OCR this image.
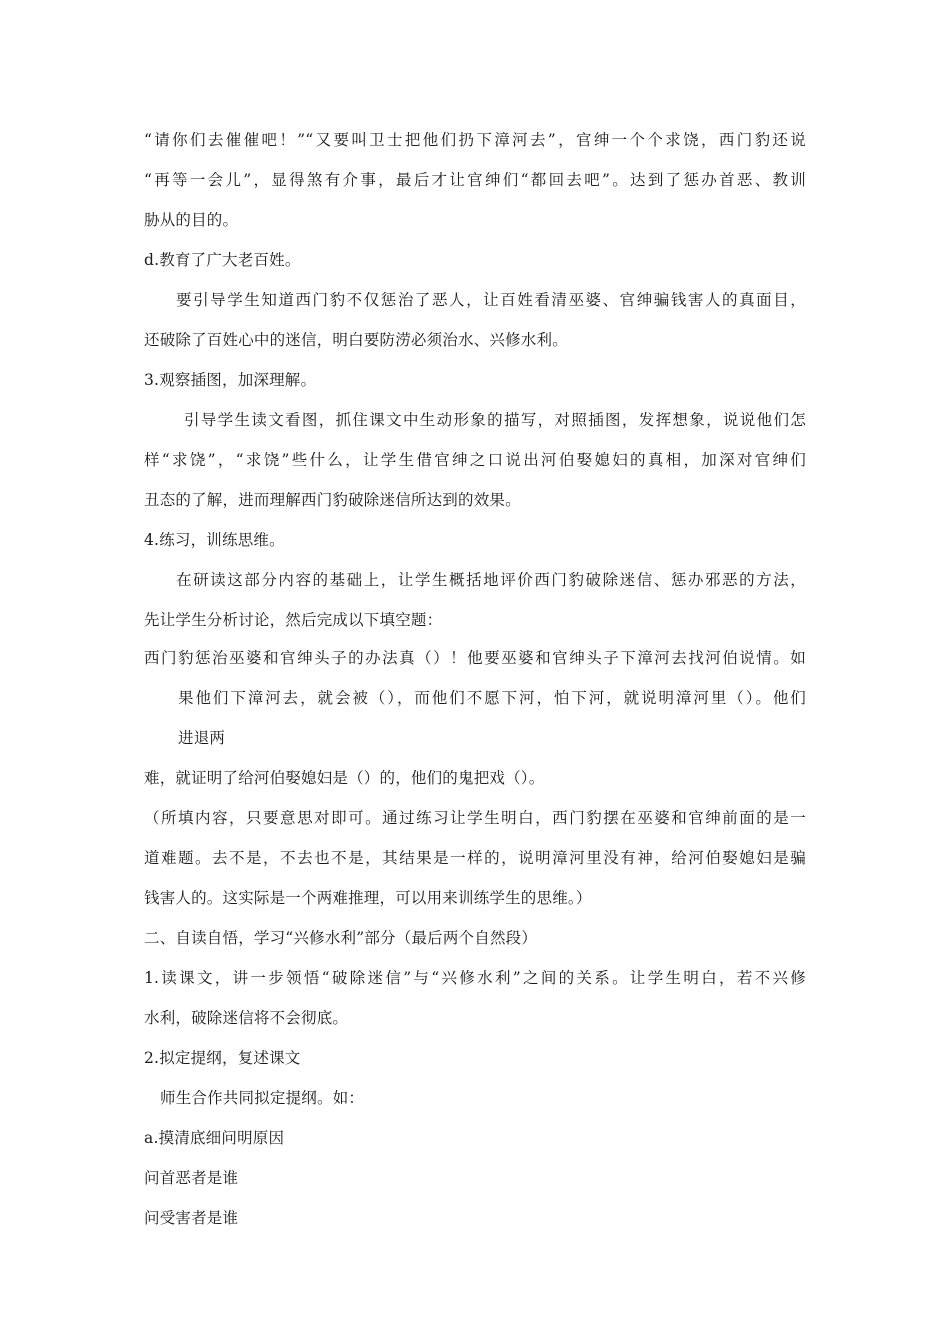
“请你们去催催吧！”“又要叫卫士把他们扔下漳河去”，官绅一个个求饶，西门豹还说
“再等一会儿”，显得煞有介事，最后才让官绅们“都回去吧”。达到了惩办首恶、教训
胁从的目的。
d.教育了广大老百姓。
要引导学生知道西门豹不仅惩治了恶人，让百姓看清巫婆、官绅骗钱害人的真面目，
还破除了百姓心中的迷信，明白要防涝必须治水、兴修水利。
3.观察插图，加深理解。
引导学生读文看图，抓住课文中生动形象的描写，对照插图，发挥想象，说说他们怎
样“求饶”，“求饶”些什么，让学生借官绅之口说出河伯娶媳妇的真相，加深对官绅们
丑态的了解，进而理解西门豹破除迷信所达到的效果。
4.练习，训练思维。
在研读这部分内容的基础上，让学生概括地评价西门豹破除迷信、惩办邪恶的方法，
先让学生分析讨论，然后完成以下填空题：
西门豹惩治巫婆和官绅头子的办法真（）！他要巫婆和官绅头子下漳河去找河伯说情。如
果他们下漳河去，就会被（），而他们不愿下河，怕下河，就说明漳河里（）。他们
进退两
难，就证明了给河伯娶媳妇是（）的，他们的鬼把戏（）。
（所填内容，只要意思对即可。通过练习让学生明白，西门豹摆在巫婆和官绅前面的是一
道难题。去不是，不去也不是，其结果是一样的，说明漳河里没有神，给河伯娶媳妇是骗
钱害人的。这实际是一个两难推理，可以用来训练学生的思维。）
二、自读自悟，学习“兴修水利”部分（最后两个自然段）
1.读课文，讲一步领悟“破除迷信”与“兴修水利”之间的关系。让学生明白，若不兴修
水利，破除迷信将不会彻底。
2.拟定提纲，复述课文
师生合作共同拟定提纲。如：
a.摸清底细问明原因
问首恶者是谁
问受害者是谁
